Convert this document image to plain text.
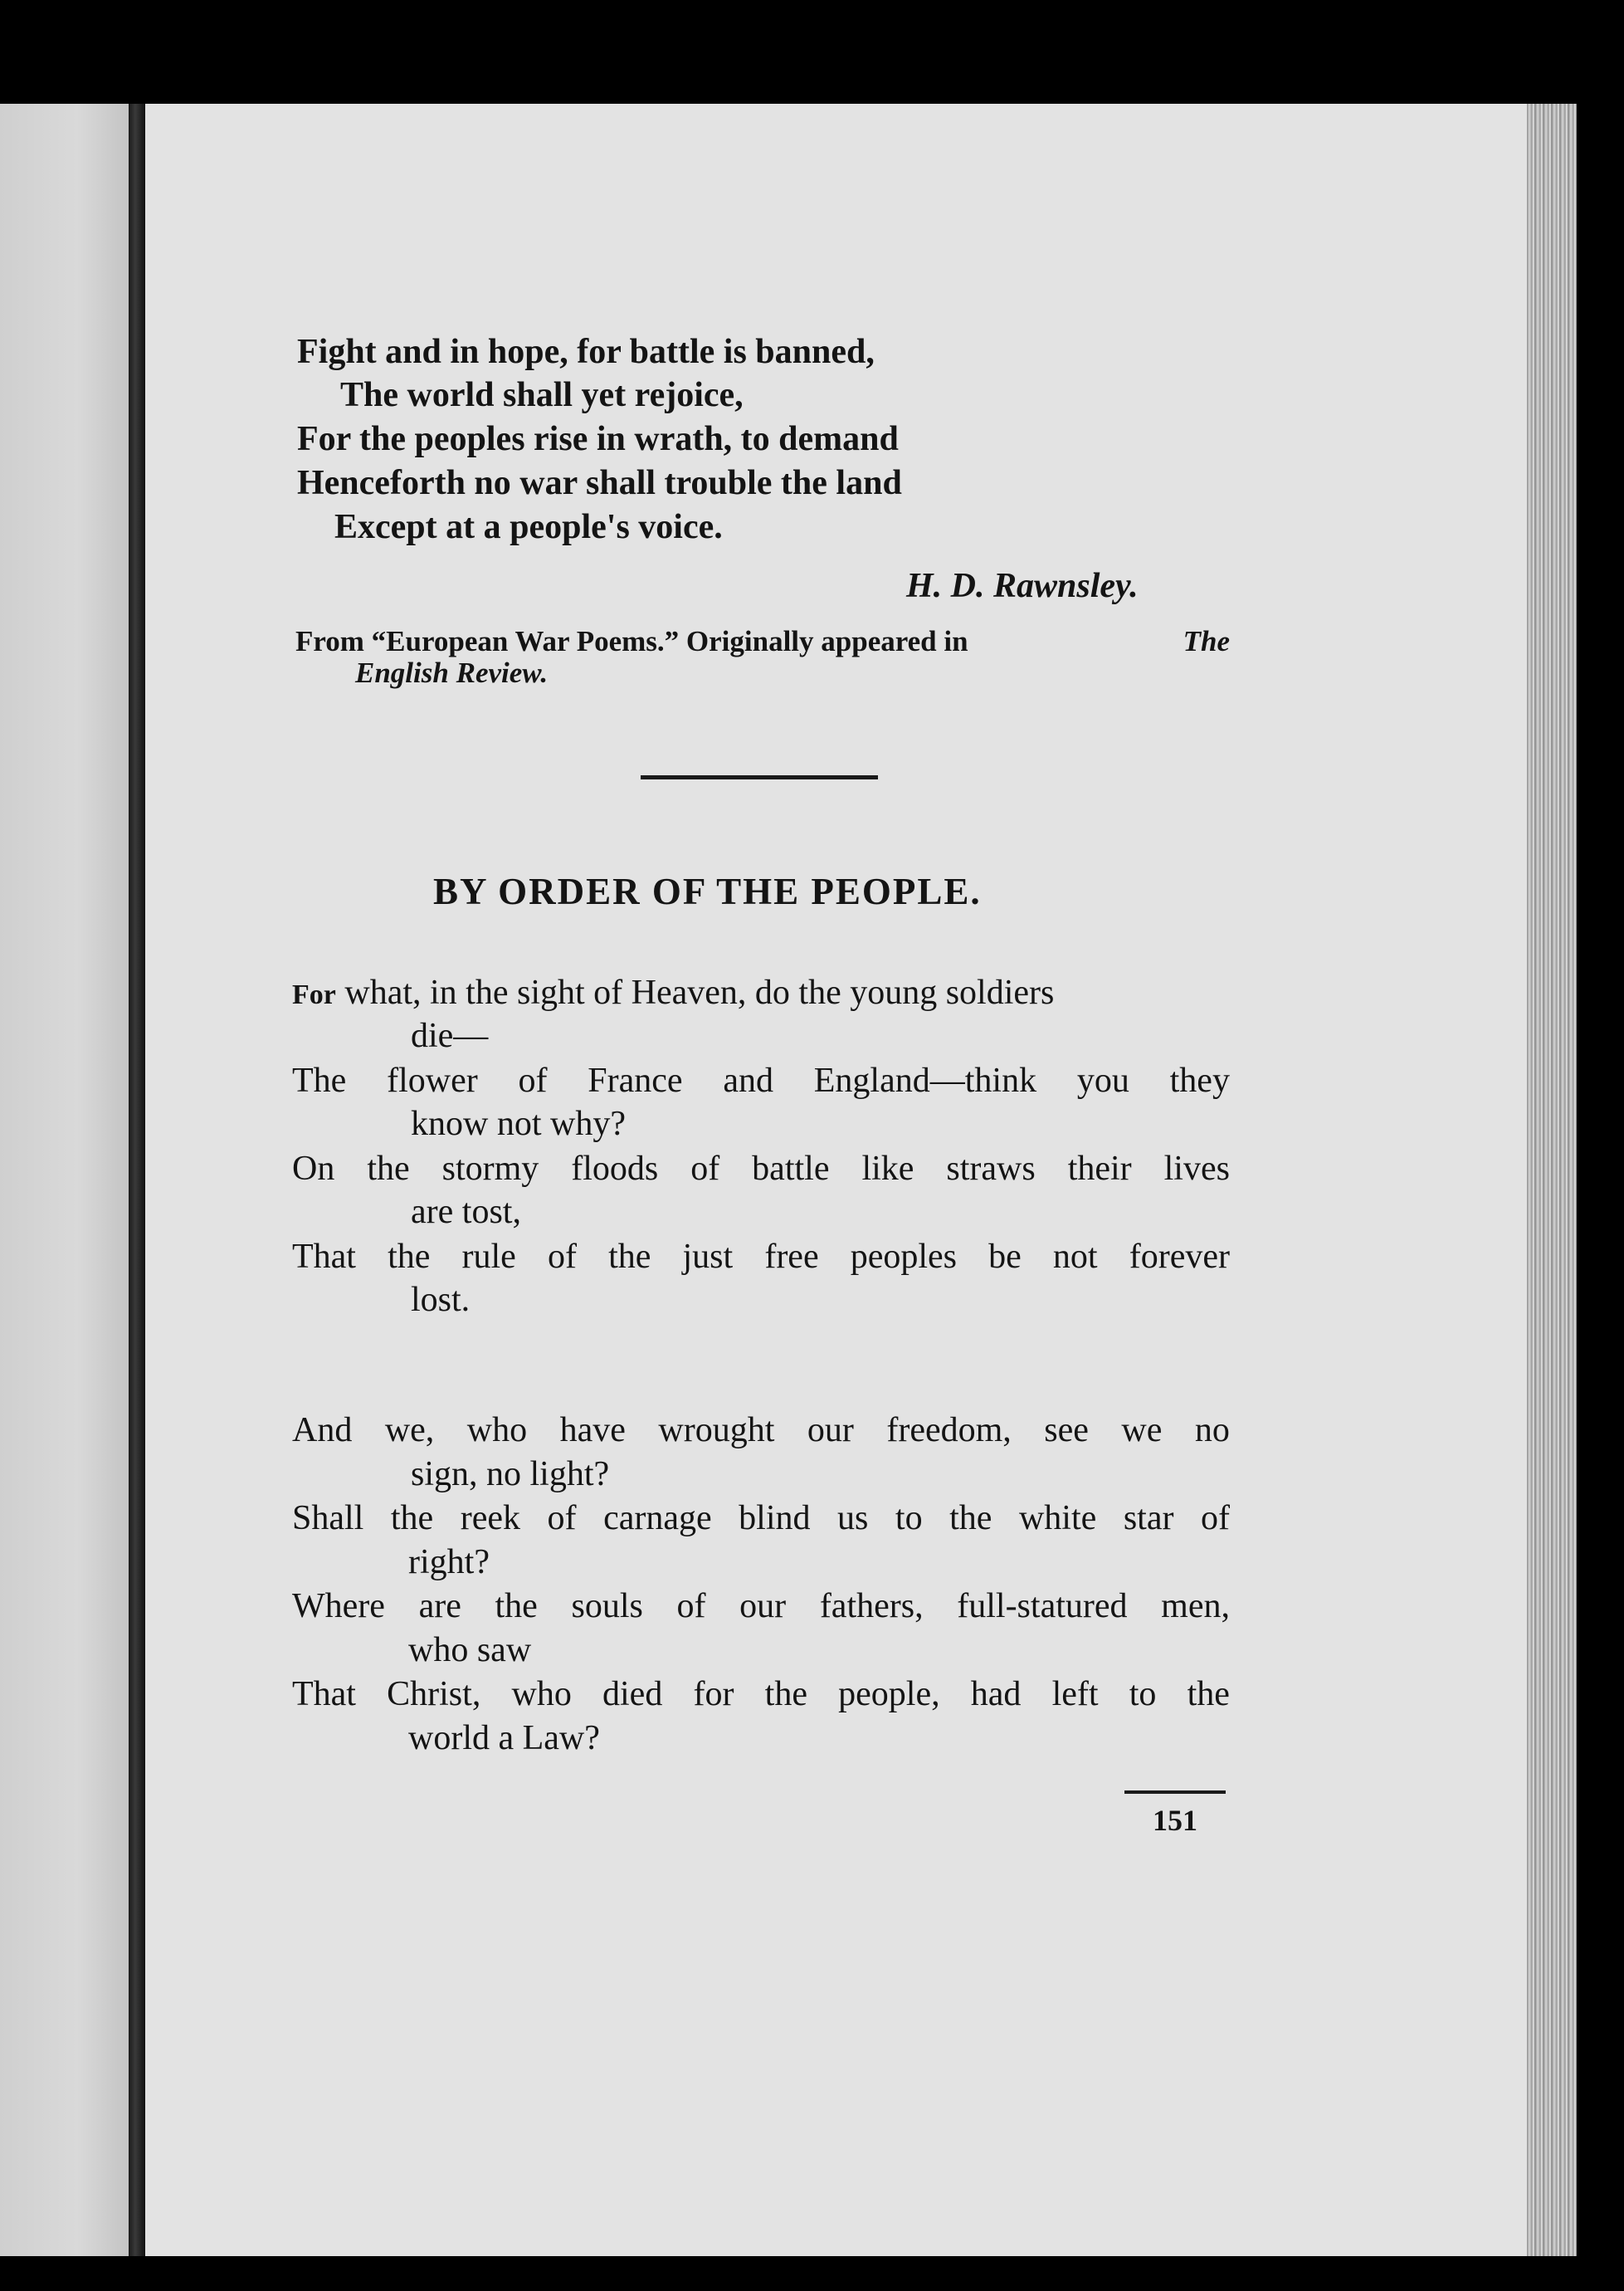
Fight and in hope, for battle is banned,
The world shall yet rejoice,
For the peoples rise in wrath, to demand
Henceforth no war shall trouble the land
Except at a people's voice.
H. D. Rawnsley.
From “European War Poems.” Originally appeared in	The
English Review.
BY ORDER OF THE PEOPLE.
For what, in the sight of Heaven, do the young soldiers
die—
The flower of France and England—think you they
know not why?
On the stormy floods of battle like straws their lives
are tost,
That the rule of the just free peoples be not forever
lost.
And we, who have wrought our freedom, see we no
sign, no light?
Shall the reek of carnage blind us to the white star of
right?
Where are the souls of our fathers, full-statured men,
who saw
That Christ, who died for the people, had left to the
world a Law?
151
